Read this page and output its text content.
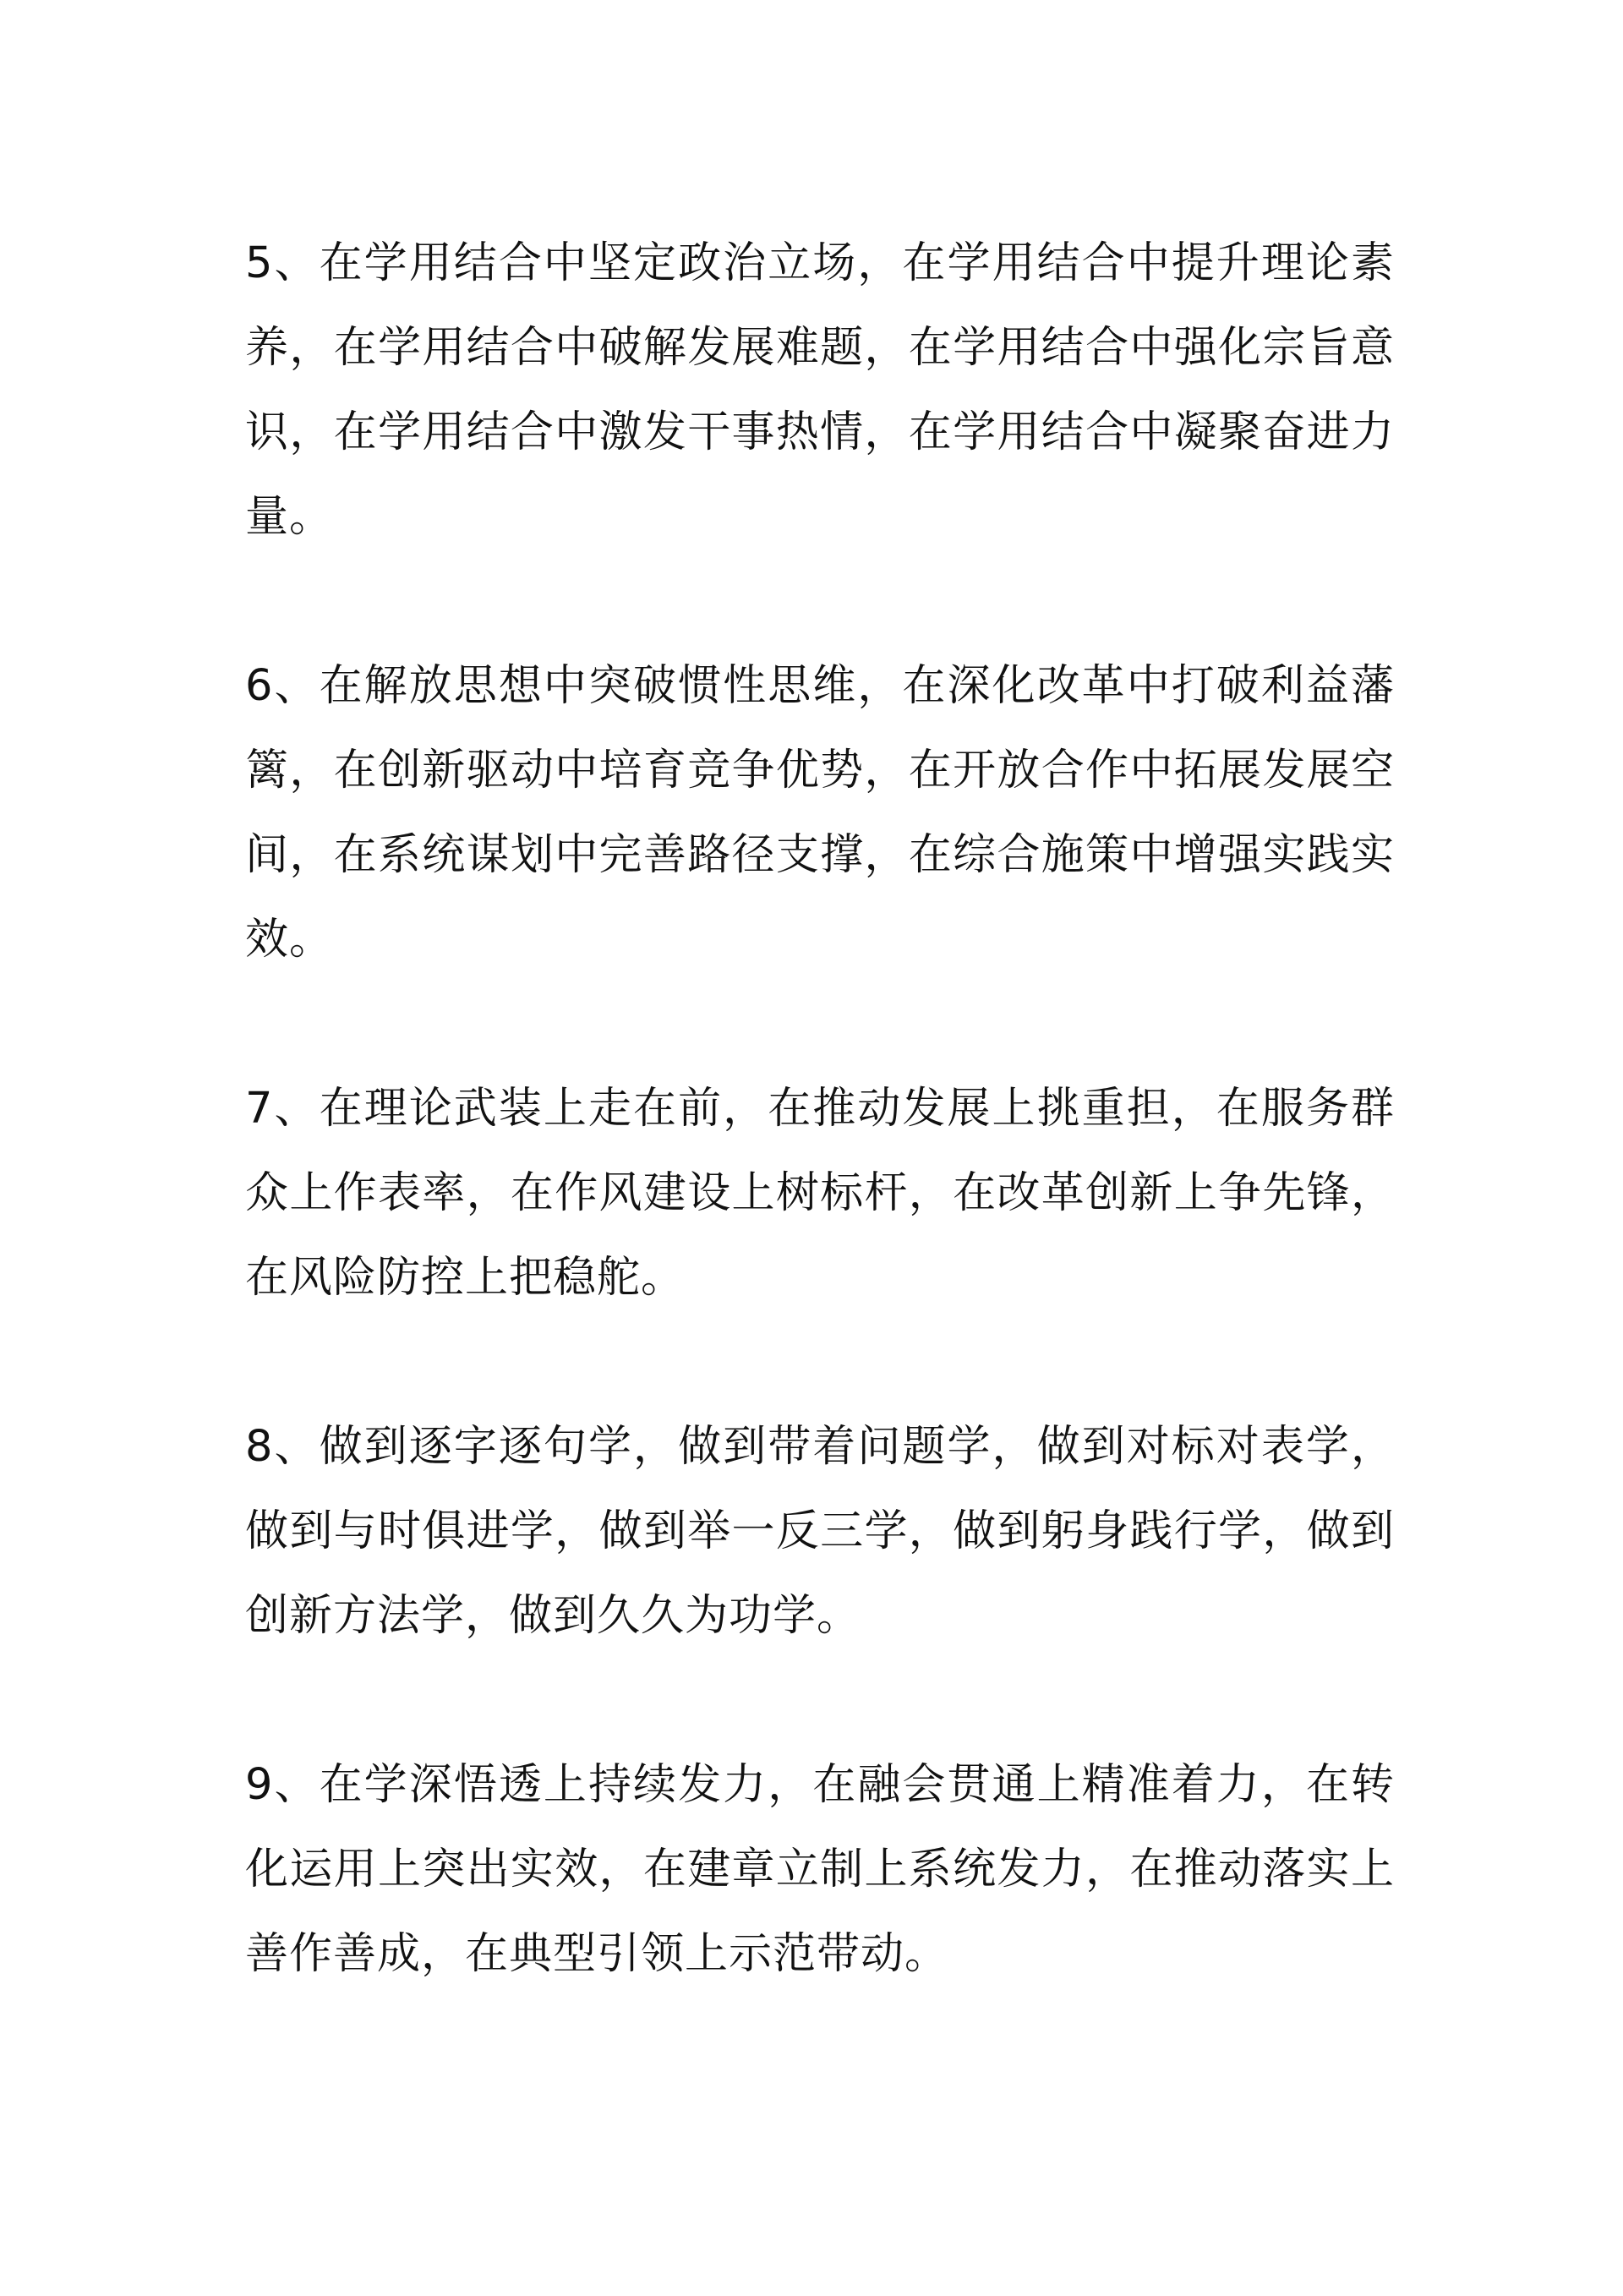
5、在学用结合中坚定政治立场，在学用结合中提升理论素养，在学用结合中破解发展难题，在学用结合中强化宗旨意识，在学用结合中激发干事热情，在学用结合中凝聚奋进力量。

6、在解放思想中突破惯性思维，在深化改革中打破利益藩篱，在创新驱动中培育竞争优势，在开放合作中拓展发展空间，在系统谋划中完善路径支撑，在综合施策中增强实践实效。

7、在理论武装上走在前，在推动发展上挑重担，在服务群众上作表率，在作风建设上树标杆，在改革创新上争先锋，在风险防控上把稳舵。

8、做到逐字逐句学，做到带着问题学，做到对标对表学，做到与时俱进学，做到举一反三学，做到躬身践行学，做到创新方法学，做到久久为功学。

9、在学深悟透上持续发力，在融会贯通上精准着力，在转化运用上突出实效，在建章立制上系统发力，在推动落实上善作善成，在典型引领上示范带动。
